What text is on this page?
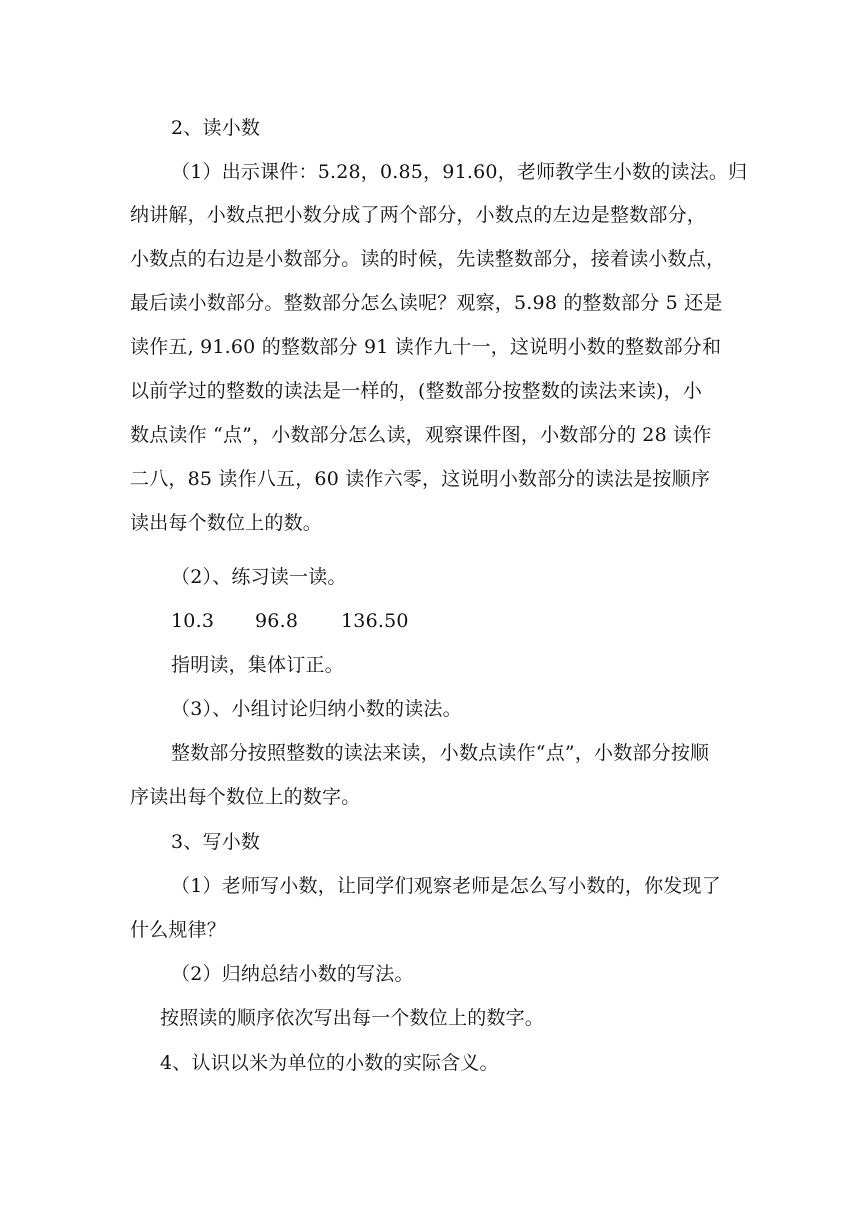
2、读小数
（1）出示课件：5.28，0.85，91.60，老师教学生小数的读法。归
纳讲解，小数点把小数分成了两个部分，小数点的左边是整数部分，
小数点的右边是小数部分。读的时候，先读整数部分，接着读小数点，
最后读小数部分。整数部分怎么读呢？观察，5.98 的整数部分 5 还是
读作五, 91.60 的整数部分 91 读作九十一，这说明小数的整数部分和
以前学过的整数的读法是一样的，(整数部分按整数的读法来读)，小
数点读作 “点”，小数部分怎么读，观察课件图，小数部分的 28 读作
二八，85 读作八五，60 读作六零，这说明小数部分的读法是按顺序
读出每个数位上的数。
（2）、练习读一读。
10.3 96.8 136.50
指明读，集体订正。
（3）、小组讨论归纳小数的读法。
整数部分按照整数的读法来读，小数点读作“点”，小数部分按顺
序读出每个数位上的数字。
3、写小数
（1）老师写小数，让同学们观察老师是怎么写小数的，你发现了
什么规律？
（2）归纳总结小数的写法。
按照读的顺序依次写出每一个数位上的数字。
4、认识以米为单位的小数的实际含义。
